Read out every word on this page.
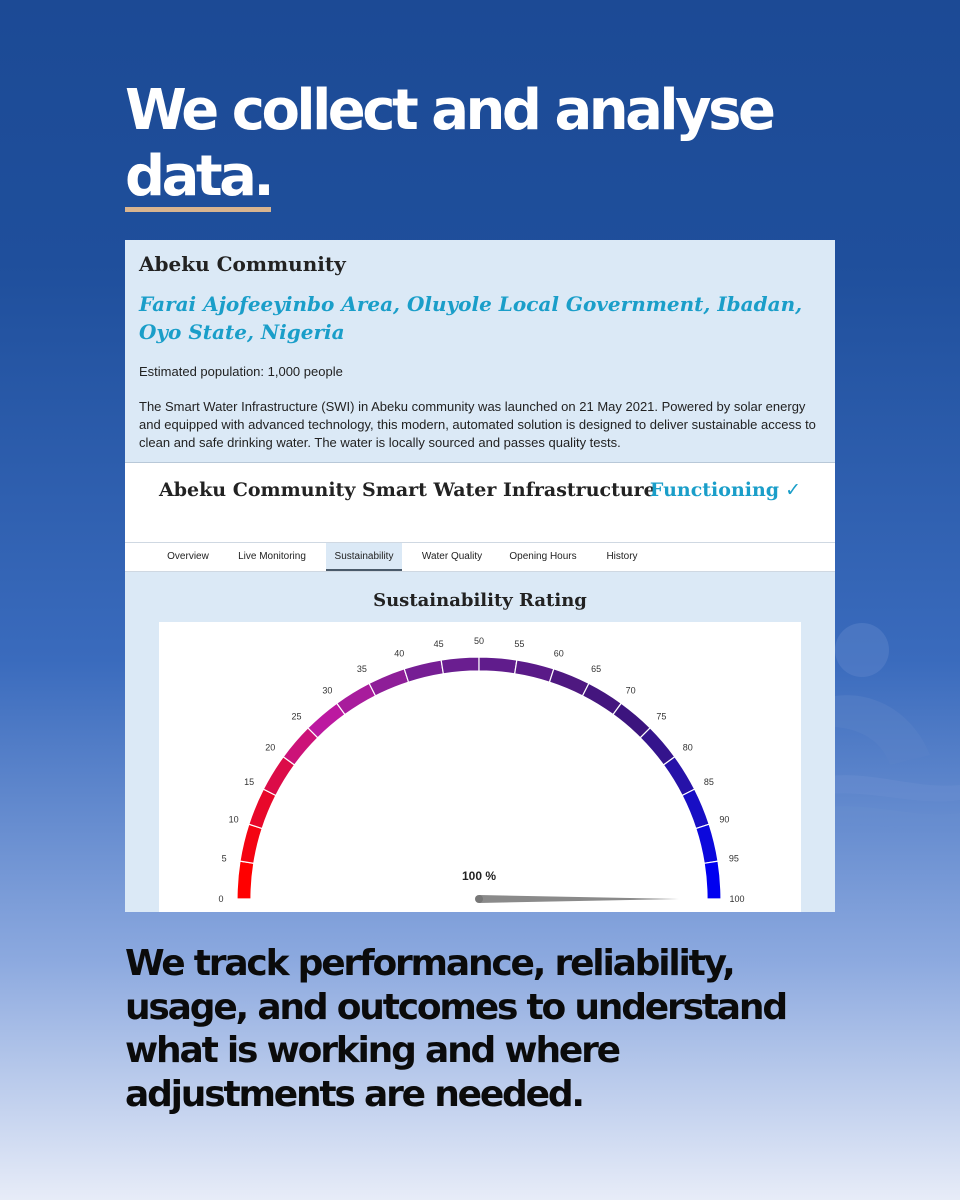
We collect and analyse
data.

Abeku Community

Farai Ajofeeyinbo Area, Oluyole Local Government, Ibadan, Oyo State, Nigeria

Estimated population: 1,000 people

The Smart Water Infrastructure (SWI) in Abeku community was launched on 21 May 2021. Powered by solar energy and equipped with advanced technology, this modern, automated solution is designed to deliver sustainable access to clean and safe drinking water. The water is locally sourced and passes quality tests.

Abeku Community Smart Water Infrastructure
Functioning ✓
Overview	Live Monitoring	Sustainability	Water Quality	Opening Hours	History
Sustainability Rating
0
5
10
15
20
25
30
35
40
45	50	55
60
65
70
75
80
85
90
95
100
100 %

We track performance, reliability, usage, and outcomes to understand what is working and where adjustments are needed.
